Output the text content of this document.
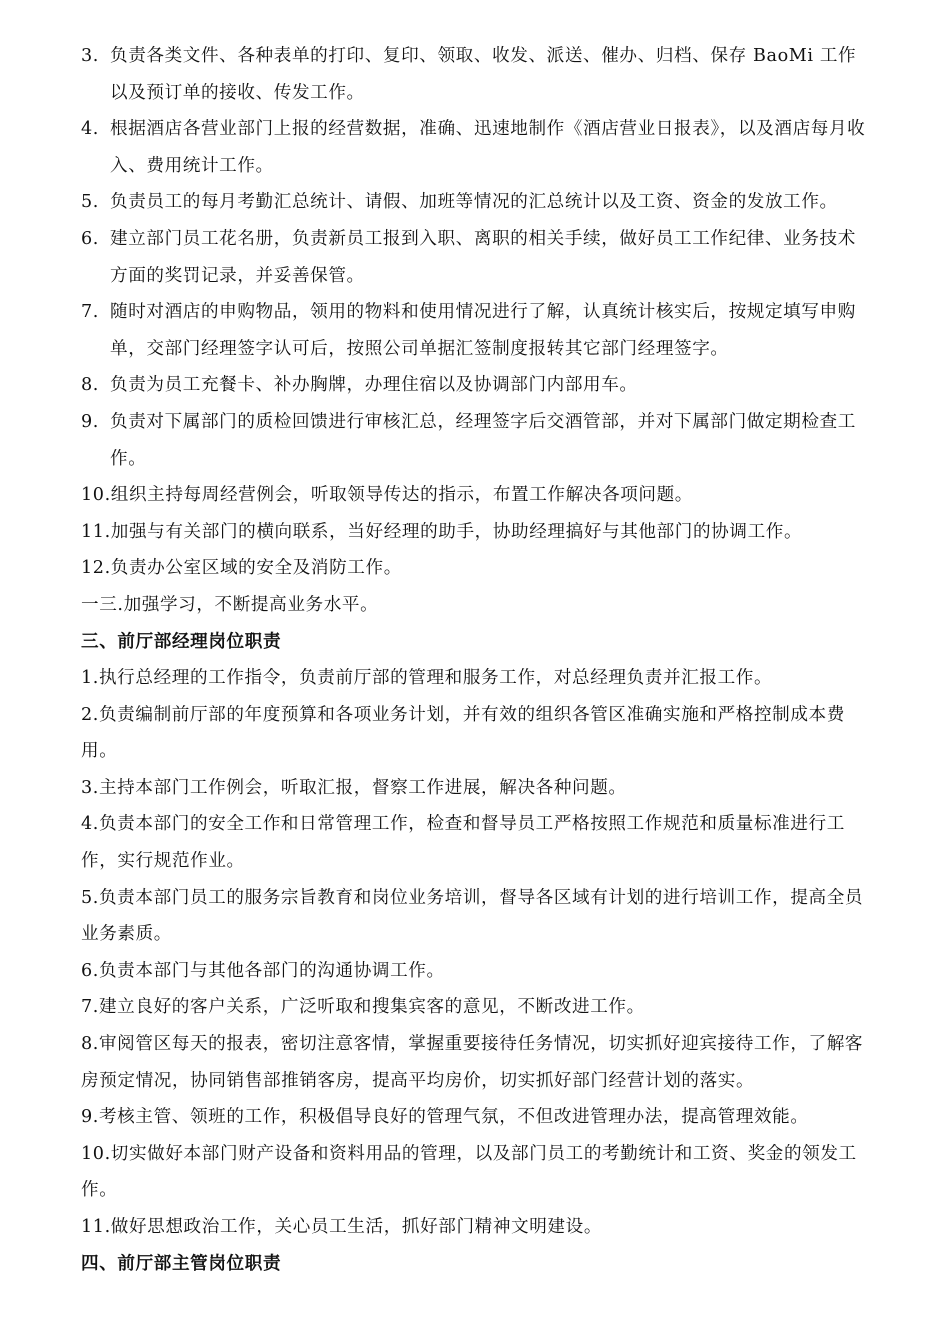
3. 负责各类文件、各种表单的打印、复印、领取、收发、派送、催办、归档、保存 BaoMi 工作以及预订单的接收、传发工作。
4. 根据酒店各营业部门上报的经营数据，准确、迅速地制作《酒店营业日报表》，以及酒店每月收入、费用统计工作。
5. 负责员工的每月考勤汇总统计、请假、加班等情况的汇总统计以及工资、资金的发放工作。
6. 建立部门员工花名册，负责新员工报到入职、离职的相关手续，做好员工工作纪律、业务技术方面的奖罚记录，并妥善保管。
7. 随时对酒店的申购物品，领用的物料和使用情况进行了解，认真统计核实后，按规定填写申购单，交部门经理签字认可后，按照公司单据汇签制度报转其它部门经理签字。
8. 负责为员工充餐卡、补办胸牌，办理住宿以及协调部门内部用车。
9. 负责对下属部门的质检回馈进行审核汇总，经理签字后交酒管部，并对下属部门做定期检查工作。
10.组织主持每周经营例会，听取领导传达的指示，布置工作解决各项问题。
11.加强与有关部门的横向联系，当好经理的助手，协助经理搞好与其他部门的协调工作。
12.负责办公室区域的安全及消防工作。
一三.加强学习，不断提高业务水平。
三、前厅部经理岗位职责
1.执行总经理的工作指令，负责前厅部的管理和服务工作，对总经理负责并汇报工作。
2.负责编制前厅部的年度预算和各项业务计划，并有效的组织各管区准确实施和严格控制成本费用。
3.主持本部门工作例会，听取汇报，督察工作进展，解决各种问题。
4.负责本部门的安全工作和日常管理工作，检查和督导员工严格按照工作规范和质量标准进行工作，实行规范作业。
5.负责本部门员工的服务宗旨教育和岗位业务培训，督导各区域有计划的进行培训工作，提高全员业务素质。
6.负责本部门与其他各部门的沟通协调工作。
7.建立良好的客户关系，广泛听取和搜集宾客的意见，不断改进工作。
8.审阅管区每天的报表，密切注意客情，掌握重要接待任务情况，切实抓好迎宾接待工作，了解客房预定情况，协同销售部推销客房，提高平均房价，切实抓好部门经营计划的落实。
9.考核主管、领班的工作，积极倡导良好的管理气氛，不但改进管理办法，提高管理效能。
10.切实做好本部门财产设备和资料用品的管理，以及部门员工的考勤统计和工资、奖金的领发工作。
11.做好思想政治工作，关心员工生活，抓好部门精神文明建设。
四、前厅部主管岗位职责
